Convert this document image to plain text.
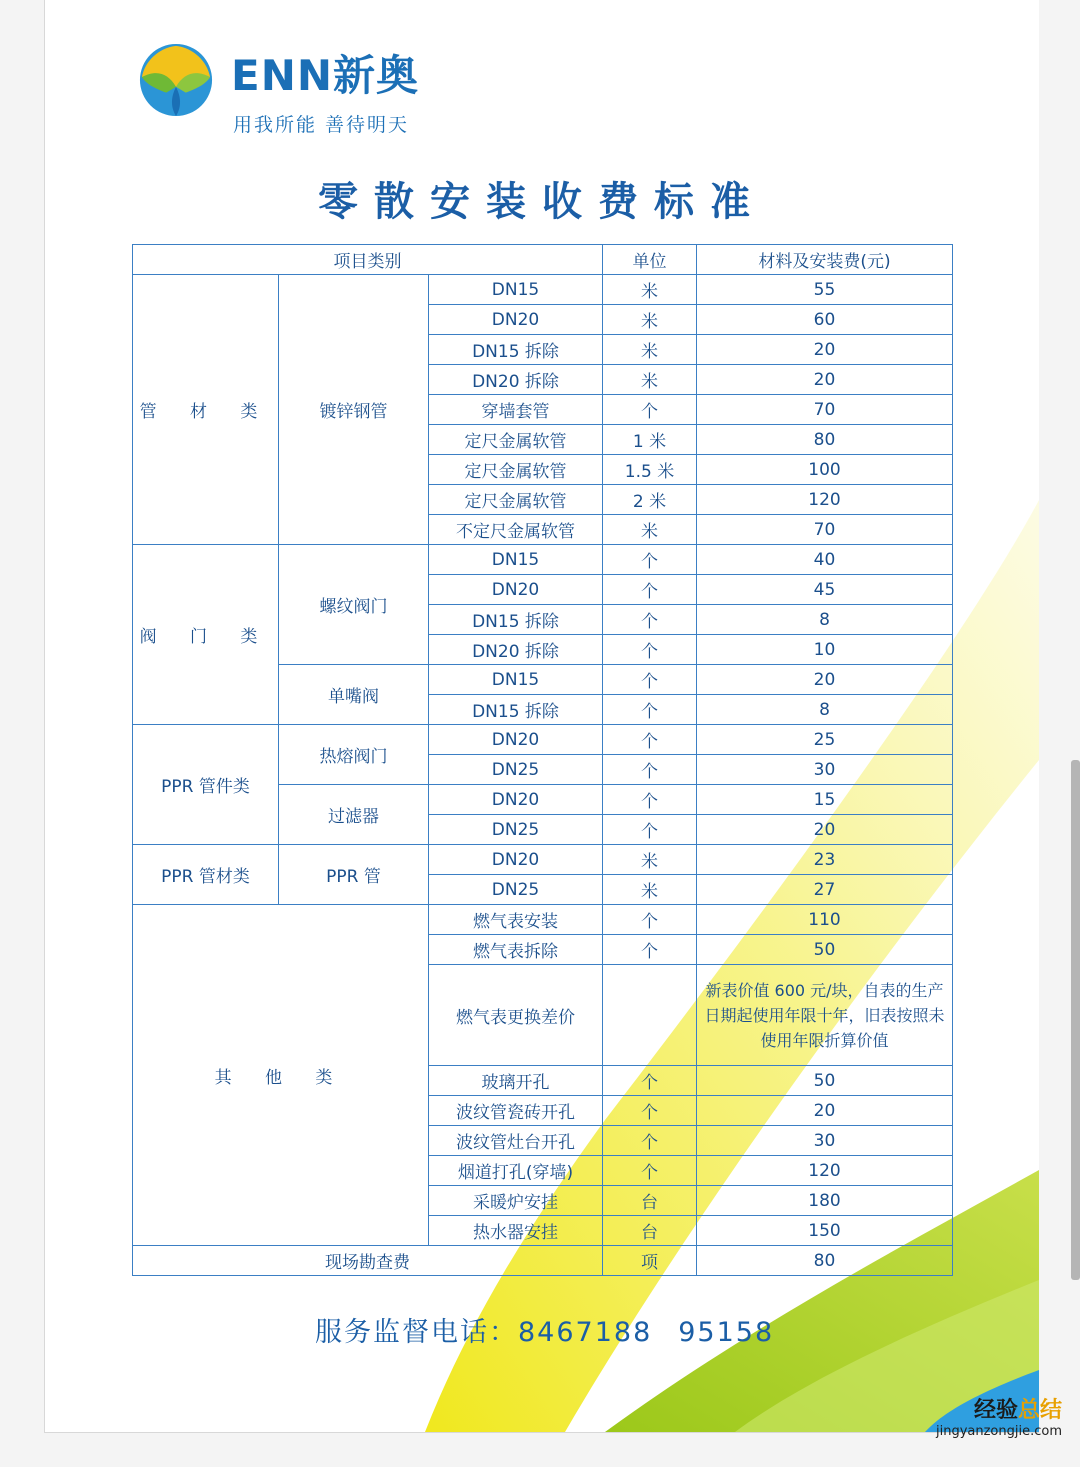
ENN新奥
用我所能 善待明天
零散安装收费标准
项目类别			单位	材料及安装费(元)
管 材 类	镀锌钢管	DN15	米	55
		DN20	米	60
		DN15 拆除	米	20
		DN20 拆除	米	20
		穿墙套管	个	70
		定尺金属软管	1 米	80
		定尺金属软管	1.5 米	100
		定尺金属软管	2 米	120
		不定尺金属软管	米	70
阀 门 类	螺纹阀门	DN15	个	40
		DN20	个	45
		DN15 拆除	个	8
		DN20 拆除	个	10
	单嘴阀	DN15	个	20
		DN15 拆除	个	8
PPR 管件类	热熔阀门	DN20	个	25
		DN25	个	30
	过滤器	DN20	个	15
		DN25	个	20
PPR 管材类	PPR 管	DN20	米	23
		DN25	米	27
其 他 类		燃气表安装	个	110
		燃气表拆除	个	50
		燃气表更换差价		新表价值 600 元/块，自表的生产日期起使用年限十年，旧表按照未使用年限折算价值
		玻璃开孔	个	50
		波纹管瓷砖开孔	个	20
		波纹管灶台开孔	个	30
		烟道打孔(穿墙)	个	120
		采暖炉安挂	台	180
		热水器安挂	台	150
现场勘查费			项	80
服务监督电话：8467188 95158
经验总结
jingyanzongjie.com
